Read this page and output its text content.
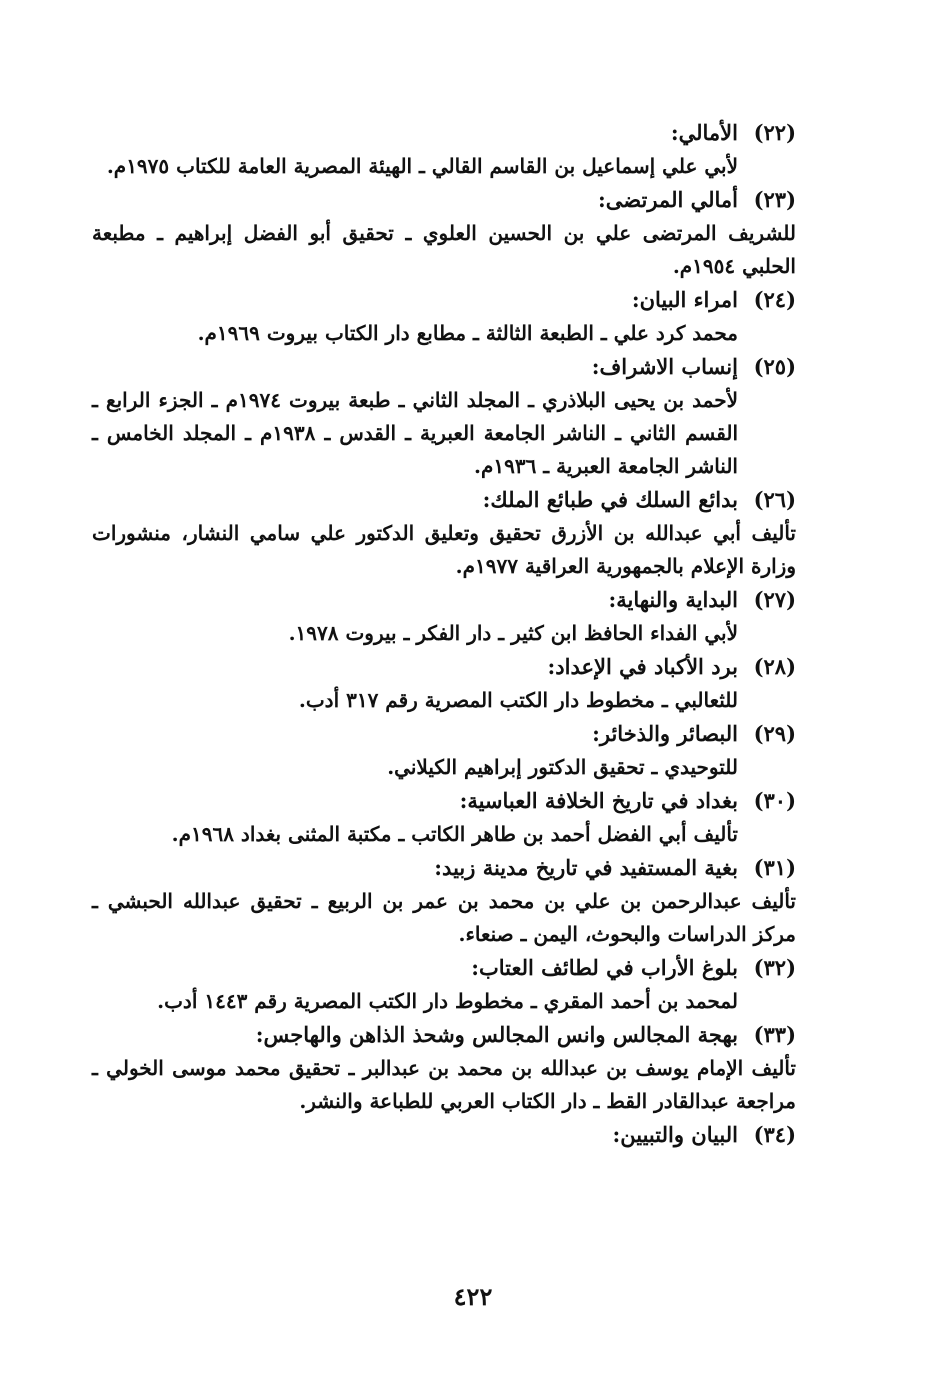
(٢٢)
الأمالي:
لأبي علي إسماعيل بن القاسم القالي ـ الهيئة المصرية العامة للكتاب ١٩٧٥م.
(٢٣)
أمالي المرتضى:
للشريف المرتضى علي بن الحسين العلوي ـ تحقيق أبو الفضل إبراهيم ـ مطبعة الحلبي ١٩٥٤م.
(٢٤)
امراء البيان:
محمد كرد علي ـ الطبعة الثالثة ـ مطابع دار الكتاب بيروت ١٩٦٩م.
(٢٥)
إنساب الاشراف:
لأحمد بن يحيى البلاذري ـ المجلد الثاني ـ طبعة بيروت ١٩٧٤م ـ الجزء الرابع ـ القسم الثاني ـ الناشر الجامعة العبرية ـ القدس ـ ١٩٣٨م ـ المجلد الخامس ـ الناشر الجامعة العبرية ـ ١٩٣٦م.
(٢٦)
بدائع السلك في طبائع الملك:
تأليف أبي عبدالله بن الأزرق تحقيق وتعليق الدكتور علي سامي النشار، منشورات وزارة الإعلام بالجمهورية العراقية ١٩٧٧م.
(٢٧)
البداية والنهاية:
لأبي الفداء الحافظ ابن كثير ـ دار الفكر ـ بيروت ١٩٧٨.
(٢٨)
برد الأكباد في الإعداد:
للثعالبي ـ مخطوط دار الكتب المصرية رقم ٣١٧ أدب.
(٢٩)
البصائر والذخائر:
للتوحيدي ـ تحقيق الدكتور إبراهيم الكيلاني.
(٣٠)
بغداد في تاريخ الخلافة العباسية:
تأليف أبي الفضل أحمد بن طاهر الكاتب ـ مكتبة المثنى بغداد ١٩٦٨م.
(٣١)
بغية المستفيد في تاريخ مدينة زبيد:
تأليف عبدالرحمن بن علي بن محمد بن عمر بن الربيع ـ تحقيق عبدالله الحبشي ـ مركز الدراسات والبحوث، اليمن ـ صنعاء.
(٣٢)
بلوغ الأراب في لطائف العتاب:
لمحمد بن أحمد المقري ـ مخطوط دار الكتب المصرية رقم ١٤٤٣ أدب.
(٣٣)
بهجة المجالس وانس المجالس وشحذ الذاهن والهاجس:
تأليف الإمام يوسف بن عبدالله بن محمد بن عبدالبر ـ تحقيق محمد موسى الخولي ـ مراجعة عبدالقادر القط ـ دار الكتاب العربي للطباعة والنشر.
(٣٤)
البيان والتبيين:
٤٢٢
